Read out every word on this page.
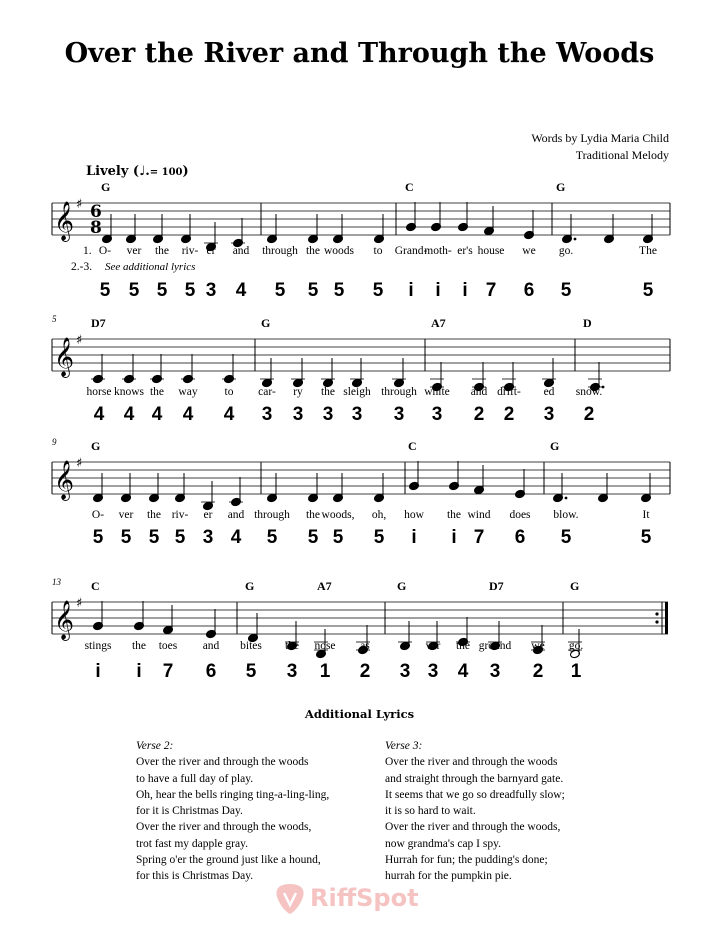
Over the River and Through the Woods
Words by Lydia Maria Child
Traditional Melody
Lively (♩.= 100)
𝄞 ♯ 6
8
G	C	G
1.
2.-3. See additional lyrics
O- ver the riv- er and through the woods to Grand-
moth- er's house we go.	The
5 5 5 5 3 4 5 5 5 5 i i i 7 6 5	5
𝄞 ♯
5	D7	G	A7	D
horse knows the way to car- ry the sleigh through white and drift- ed snow.
4 4 4 4 4 3 3 3 3 3 3 2 2 3 2
𝄞 ♯
9	G	C	G
O- ver the riv- er and through the woods, oh, how the wind does blow.	It
5 5 5 5 3 4 5 5 5 5 i i 7 6 5	5
𝄞 ♯
13	C	G	A7	G	D7	G
stings the toes and bites the nose as	o- ver the ground we go.
i i 7 6 5 3 1 2 3 3 4 3 2 1
Additional Lyrics
Verse 2:
Over the river and through the woods
to have a full day of play.
Oh, hear the bells ringing ting-a-ling-ling,
for it is Christmas Day.
Over the river and through the woods,
trot fast my dapple gray.
Spring o'er the ground just like a hound,
for this is Christmas Day.
Verse 3:
Over the river and through the woods
and straight through the barnyard gate.
It seems that we go so dreadfully slow;
it is so hard to wait.
Over the river and through the woods,
now grandma's cap I spy.
Hurrah for fun; the pudding's done;
hurrah for the pumpkin pie.
RiffSpot
